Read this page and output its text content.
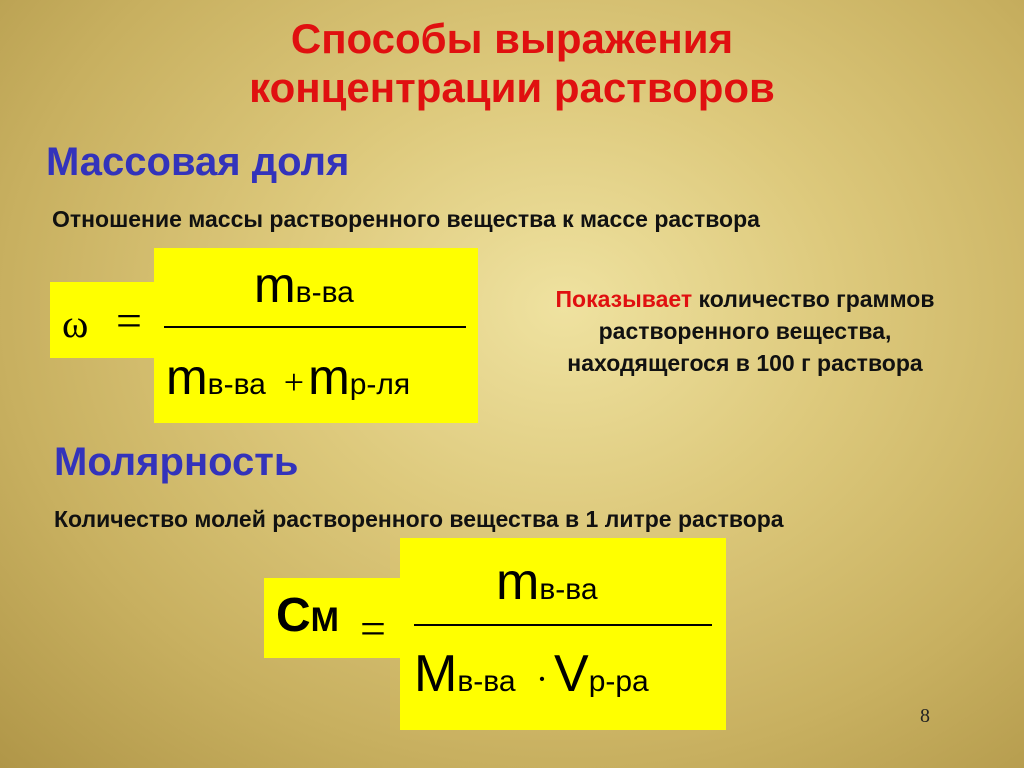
Способы выражения
концентрации растворов
Массовая доля
Отношение массы растворенного вещества к массе раствора
ω =
mв-ва
mв-ва +mр-ля
Показывает количество граммов
растворенного вещества,
находящегося в 100 г раствора
Молярность
Количество молей растворенного вещества в 1 литре раствора
СМ =
mв-ва
Mв-ва · Vр-ра
8
